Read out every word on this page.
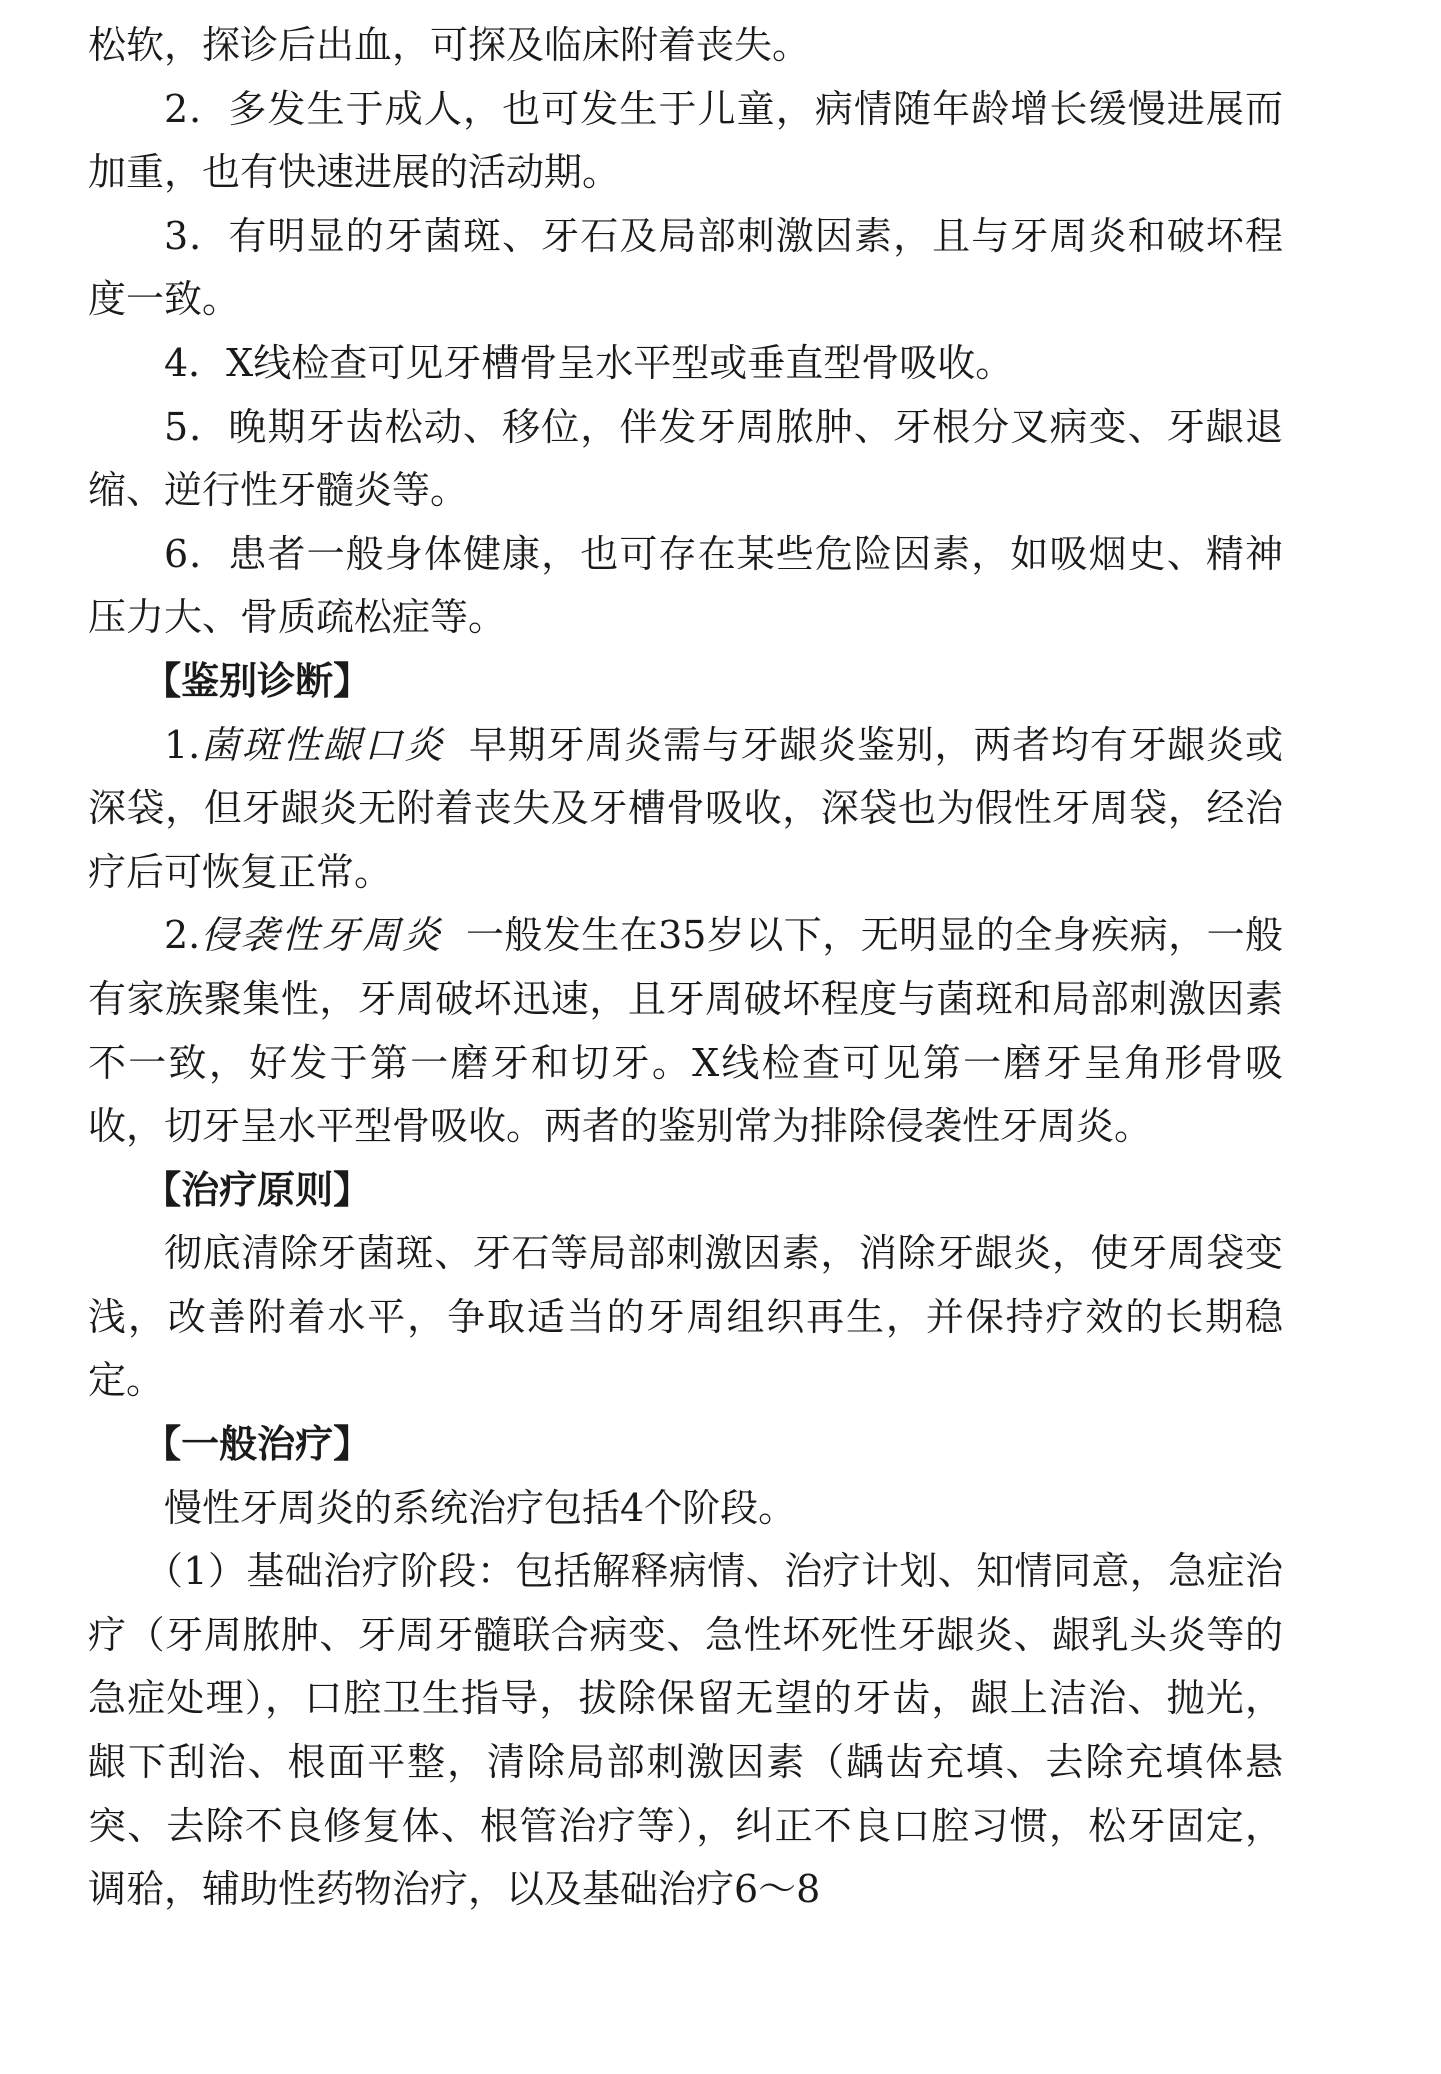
松软，探诊后出血，可探及临床附着丧失。

2．多发生于成人，也可发生于儿童，病情随年龄增长缓慢进展而加重，也有快速进展的活动期。

3．有明显的牙菌斑、牙石及局部刺激因素，且与牙周炎和破坏程度一致。

4．X线检查可见牙槽骨呈水平型或垂直型骨吸收。

5．晚期牙齿松动、移位，伴发牙周脓肿、牙根分叉病变、牙龈退缩、逆行性牙髓炎等。

6．患者一般身体健康，也可存在某些危险因素，如吸烟史、精神压力大、骨质疏松症等。

【鉴别诊断】

1.菌斑性龈口炎 早期牙周炎需与牙龈炎鉴别，两者均有牙龈炎或深袋，但牙龈炎无附着丧失及牙槽骨吸收，深袋也为假性牙周袋，经治疗后可恢复正常。

2.侵袭性牙周炎 一般发生在35岁以下，无明显的全身疾病，一般有家族聚集性，牙周破坏迅速，且牙周破坏程度与菌斑和局部刺激因素不一致，好发于第一磨牙和切牙。X线检查可见第一磨牙呈角形骨吸收，切牙呈水平型骨吸收。两者的鉴别常为排除侵袭性牙周炎。

【治疗原则】

彻底清除牙菌斑、牙石等局部刺激因素，消除牙龈炎，使牙周袋变浅，改善附着水平，争取适当的牙周组织再生，并保持疗效的长期稳定。

【一般治疗】

慢性牙周炎的系统治疗包括4个阶段。

（1）基础治疗阶段：包括解释病情、治疗计划、知情同意，急症治疗（牙周脓肿、牙周牙髓联合病变、急性坏死性牙龈炎、龈乳头炎等的急症处理），口腔卫生指导，拔除保留无望的牙齿，龈上洁治、抛光，龈下刮治、根面平整，清除局部刺激因素（龋齿充填、去除充填体悬突、去除不良修复体、根管治疗等），纠正不良口腔习惯，松牙固定，调𬌗，辅助性药物治疗，以及基础治疗6～8
